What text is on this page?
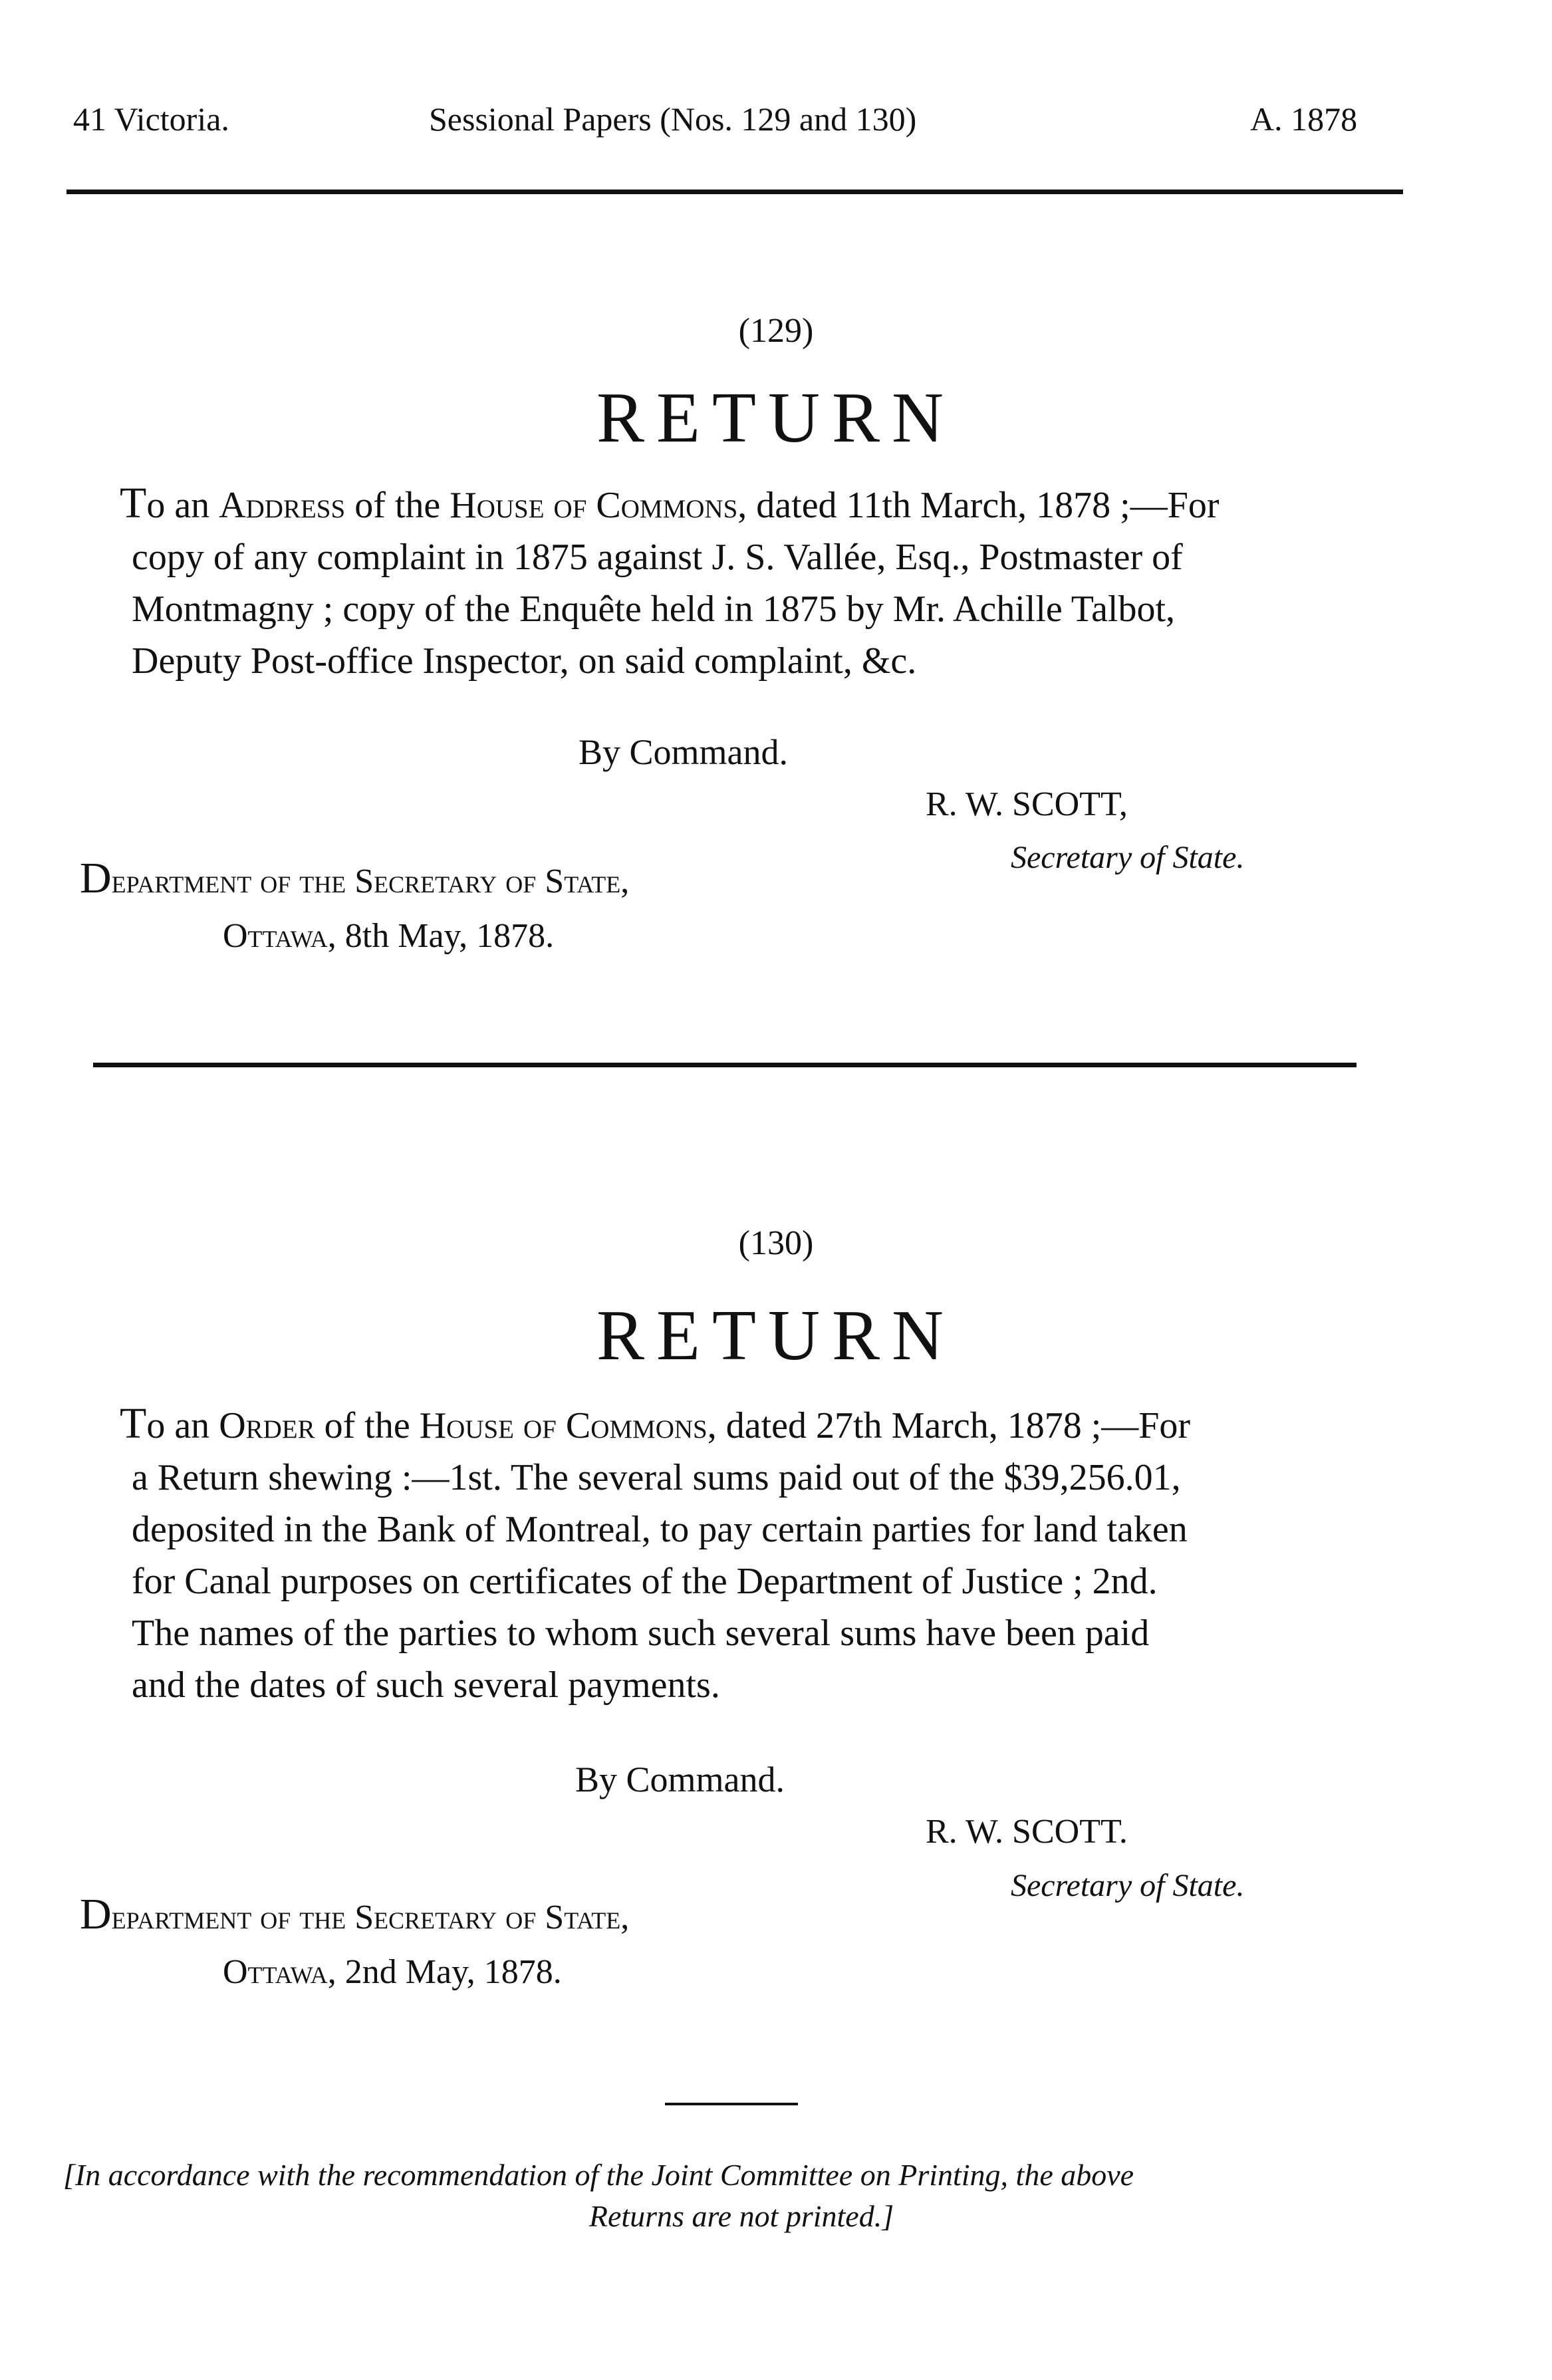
41 Victoria.	Sessional Papers (Nos. 129 and 130)	A. 1878
(129)
RETURN

To an Address of the House of Commons, dated 11th March, 1878 ;—For

copy of any complaint in 1875 against J. S. Vallée, Esq., Postmaster of

Montmagny ; copy of the Enquête held in 1875 by Mr. Achille Talbot,

Deputy Post-office Inspector, on said complaint, &c.

By Command.
R. W. SCOTT,
Secretary of State.

Department of the Secretary of State,

Ottawa, 8th May, 1878.

(130)
RETURN

To an Order of the House of Commons, dated 27th March, 1878 ;—For

a Return shewing :—1st. The several sums paid out of the $39,256.01,

deposited in the Bank of Montreal, to pay certain parties for land taken

for Canal purposes on certificates of the Department of Justice ; 2nd.

The names of the parties to whom such several sums have been paid

and the dates of such several payments.

By Command.
R. W. SCOTT.
Secretary of State.

Department of the Secretary of State,

Ottawa, 2nd May, 1878.

[In accordance with the recommendation of the Joint Committee on Printing, the above

Returns are not printed.]
